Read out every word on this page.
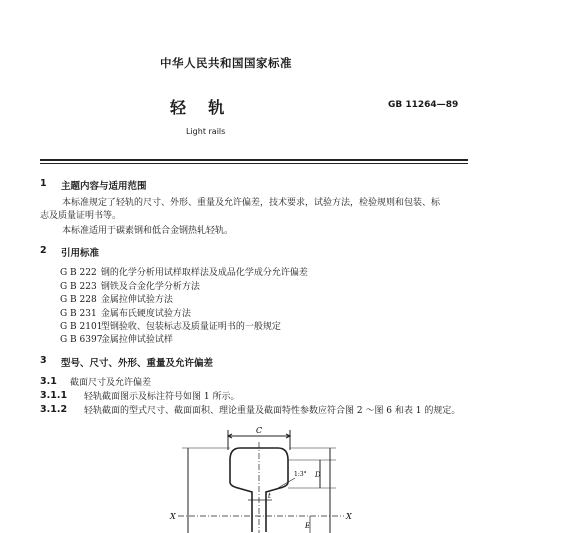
中华人民共和国国家标准
轻    轨	GB 11264—89
Light rails
1 主题内容与适用范围
本标准规定了轻轨的尺寸、外形、重量及允许偏差，技术要求，试验方法，检验规则和包装、标
志及质量证明书等。
本标准适用于碳素钢和低合金钢热轧轻轨。
2 引用标准
G B 222 钢的化学分析用试样取样法及成品化学成分允许偏差
G B 223 钢铁及合金化学分析方法
G B 228 金属拉伸试验方法
G B 231 金属布氏硬度试验方法
G B 2101 型钢验收、包装标志及质量证明书的一般规定
G B 6397 金属拉伸试验试样
3 型号、尺寸、外形、重量及允许偏差
3.1 截面尺寸及允许偏差
3.1.1 轻轨截面图示及标注符号如图 1 所示。
3.1.2 轻轨截面的型式尺寸、截面面积、理论重量及截面特性参数应符合图 2 ～图 6 和表 1 的规定。
C
D
t
E
X	X
1:3°
